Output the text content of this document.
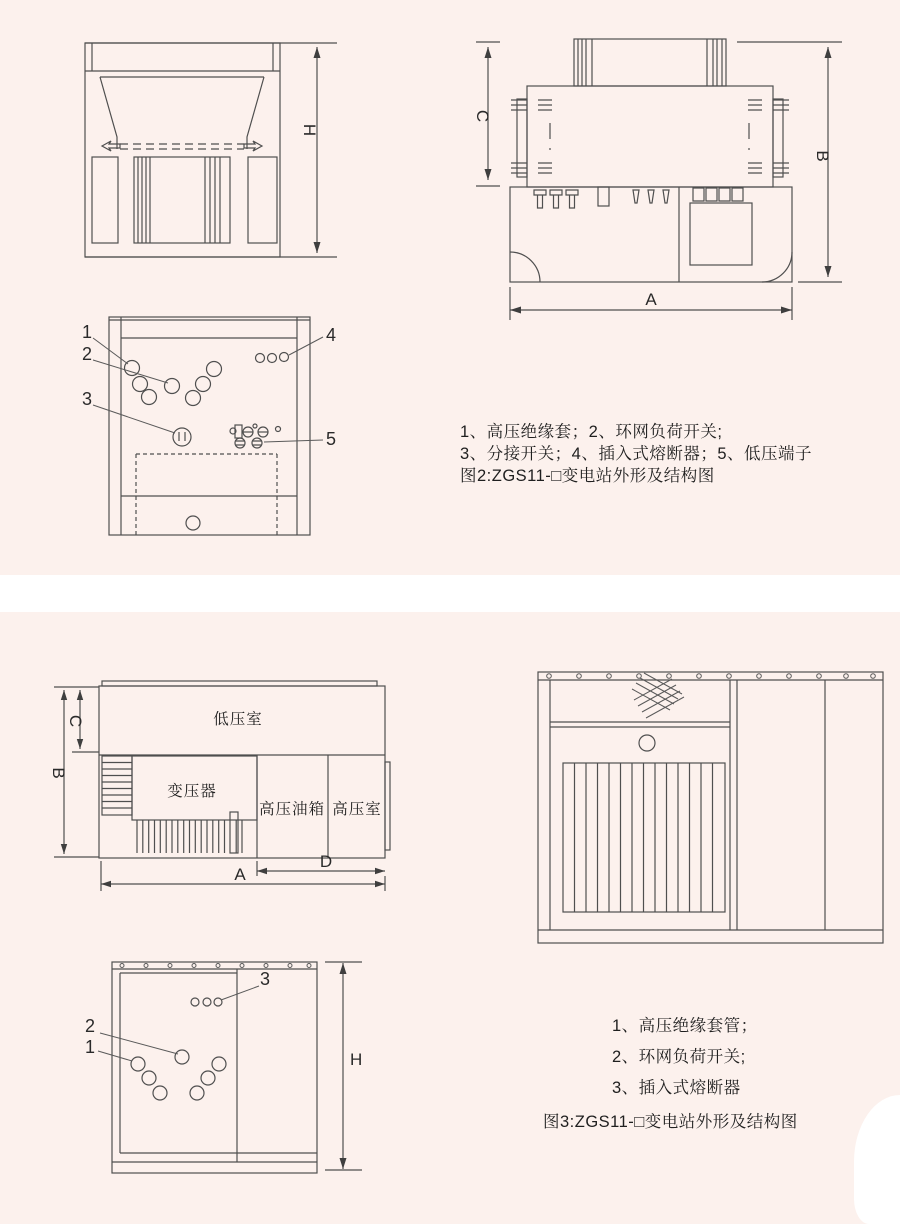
H
C
B
A
1
2
3
4
5	1、高压绝缘套；2、环网负荷开关;
3、分接开关；4、插入式熔断器；5、低压端子
图2:ZGS11-□变电站外形及结构图
低压室
变压器
高压油箱 高压室
C
B
D
A
3
2
1
H
1、高压绝缘套管；
2、环网负荷开关;
3、插入式熔断器
图3:ZGS11-□变电站外形及结构图
